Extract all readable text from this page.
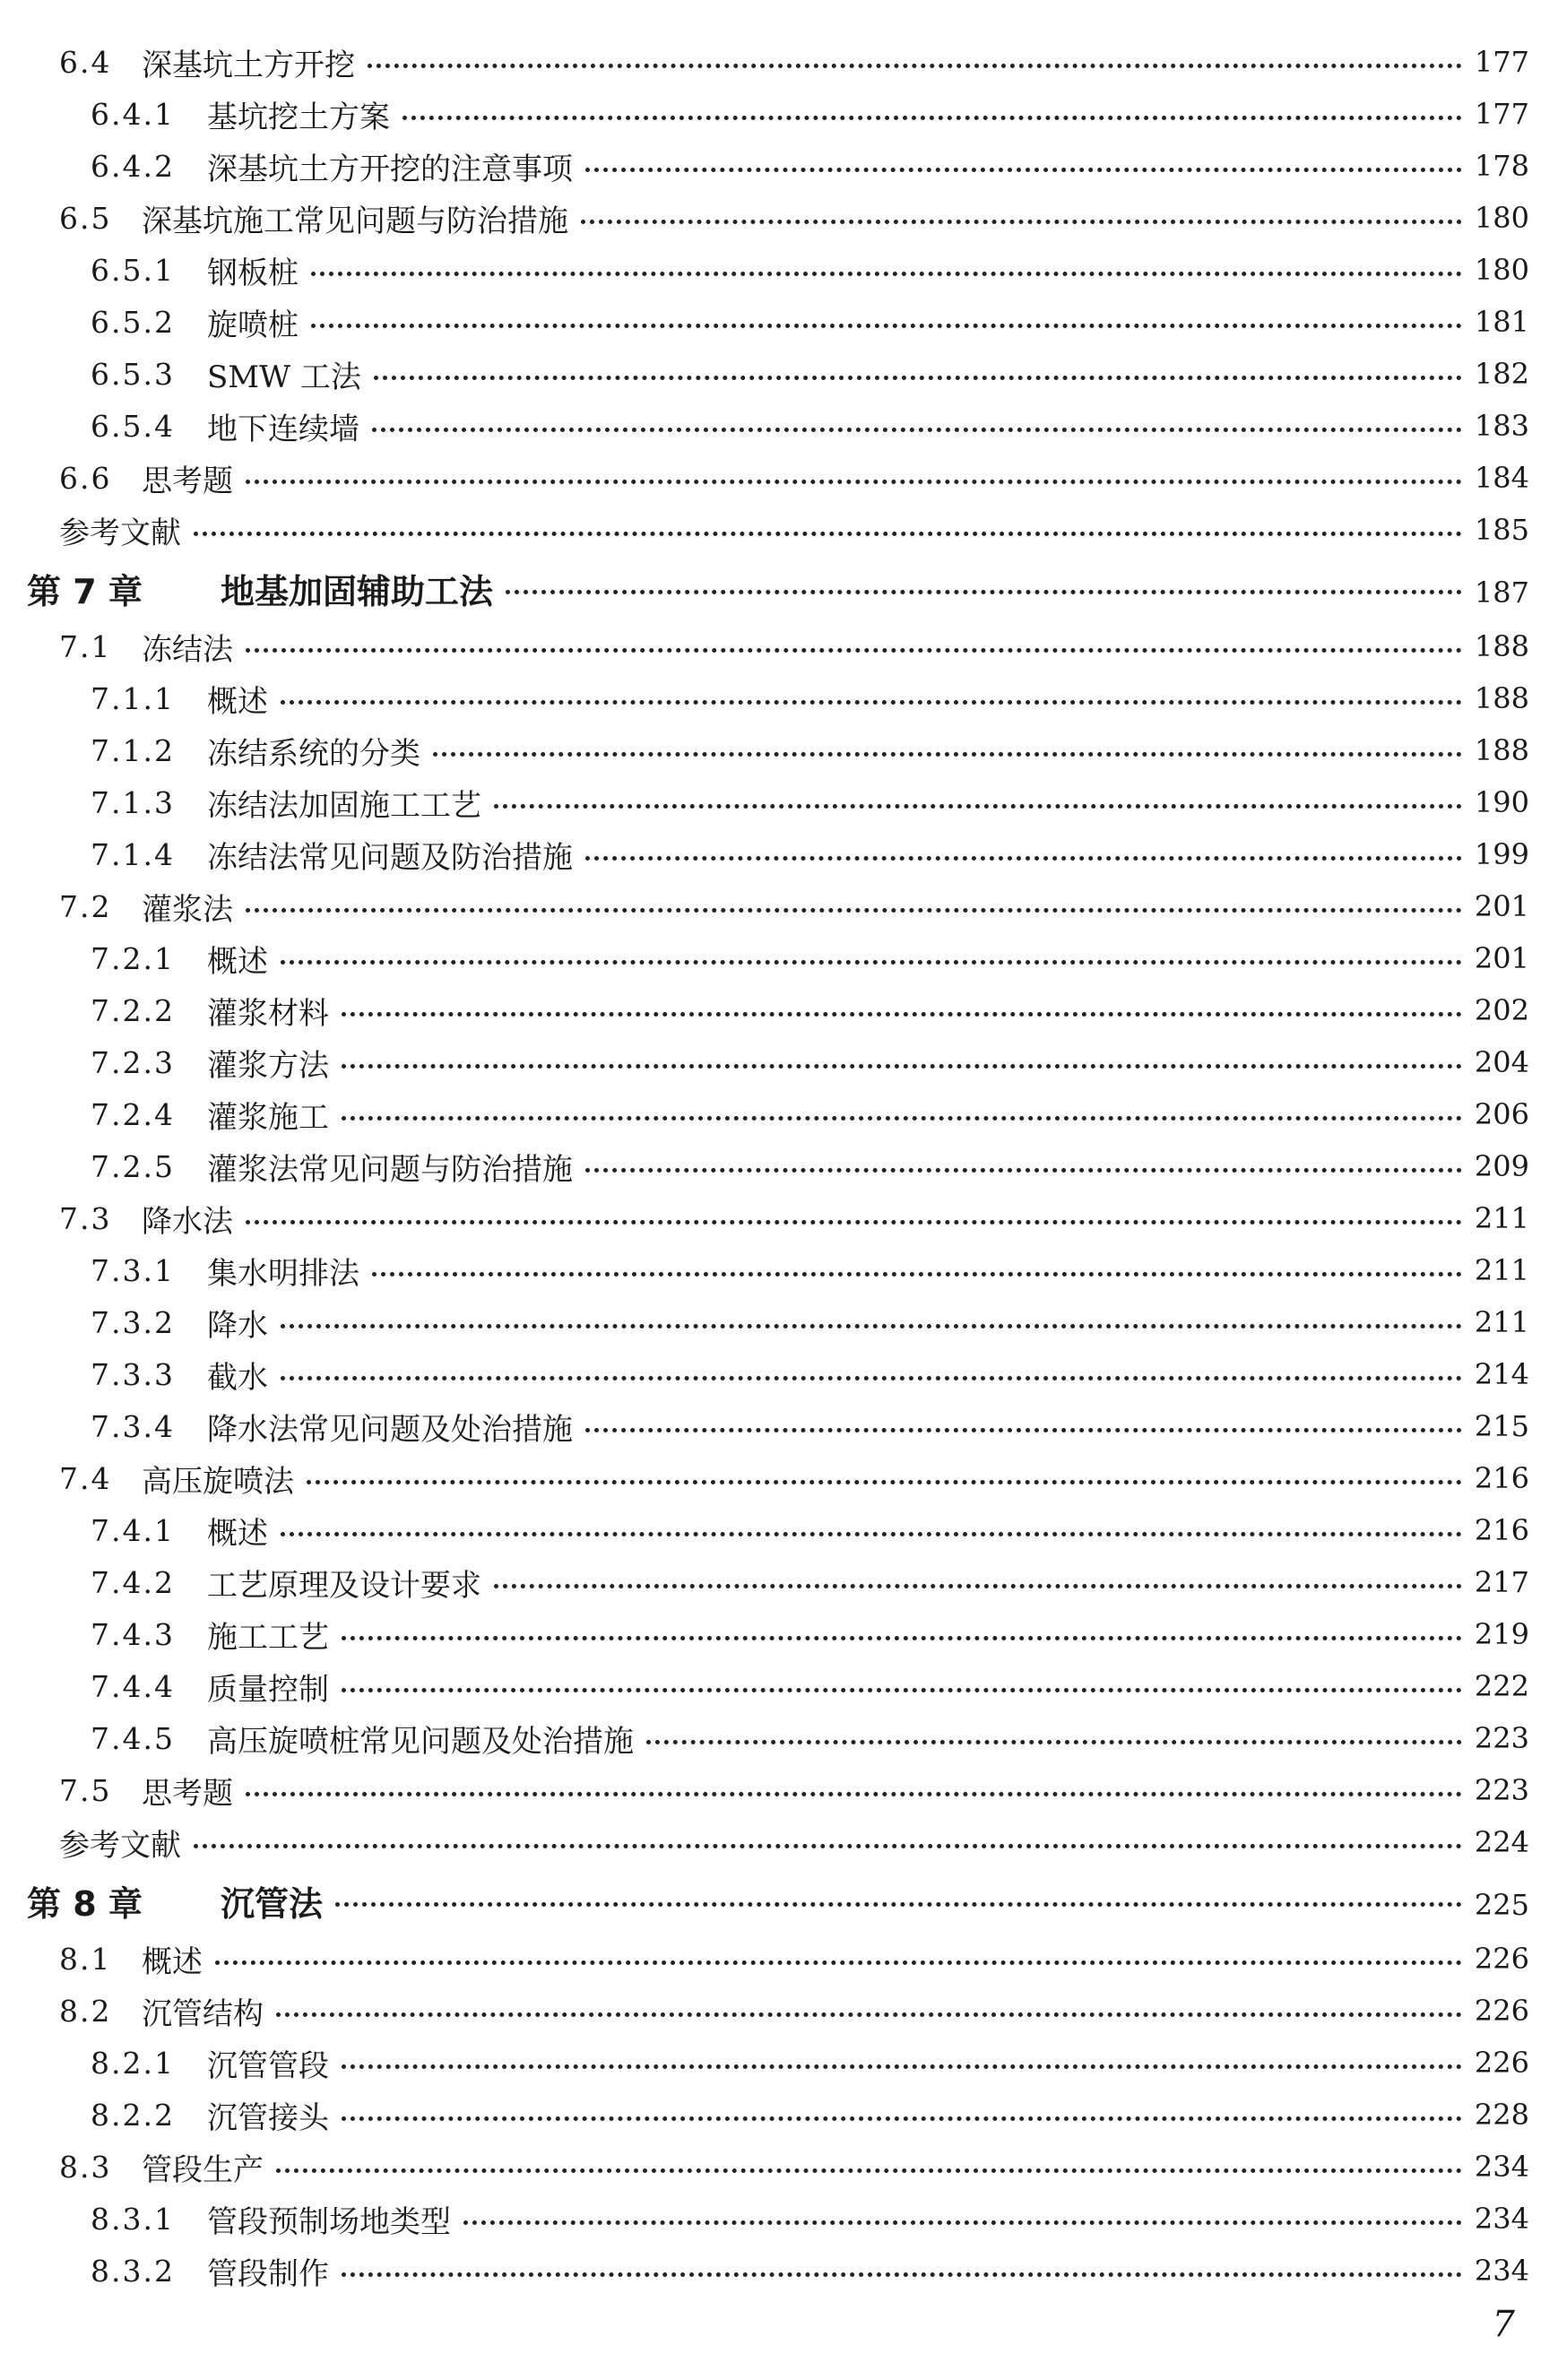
6.4 深基坑土方开挖	177
6.4.1	基坑挖土方案	177
6.4.2	深基坑土方开挖的注意事项	178
6.5 深基坑施工常见问题与防治措施	180
6.5.1	钢板桩	180
6.5.2	旋喷桩	181
6.5.3	SMW 工法	182
6.5.4	地下连续墙	183
6.6 思考题	184
参考文献	185
第 7 章	地基加固辅助工法	187
7.1 冻结法	188
7.1.1	概述	188
7.1.2	冻结系统的分类	188
7.1.3	冻结法加固施工工艺	190
7.1.4	冻结法常见问题及防治措施	199
7.2 灌浆法	201
7.2.1	概述	201
7.2.2	灌浆材料	202
7.2.3	灌浆方法	204
7.2.4	灌浆施工	206
7.2.5	灌浆法常见问题与防治措施	209
7.3 降水法	211
7.3.1	集水明排法	211
7.3.2	降水	211
7.3.3	截水	214
7.3.4	降水法常见问题及处治措施	215
7.4 高压旋喷法	216
7.4.1	概述	216
7.4.2	工艺原理及设计要求	217
7.4.3	施工工艺	219
7.4.4	质量控制	222
7.4.5	高压旋喷桩常见问题及处治措施	223
7.5 思考题	223
参考文献	224
第 8 章	沉管法	225
8.1 概述	226
8.2 沉管结构	226
8.2.1	沉管管段	226
8.2.2	沉管接头	228
8.3 管段生产	234
8.3.1	管段预制场地类型	234
8.3.2	管段制作	234
7
